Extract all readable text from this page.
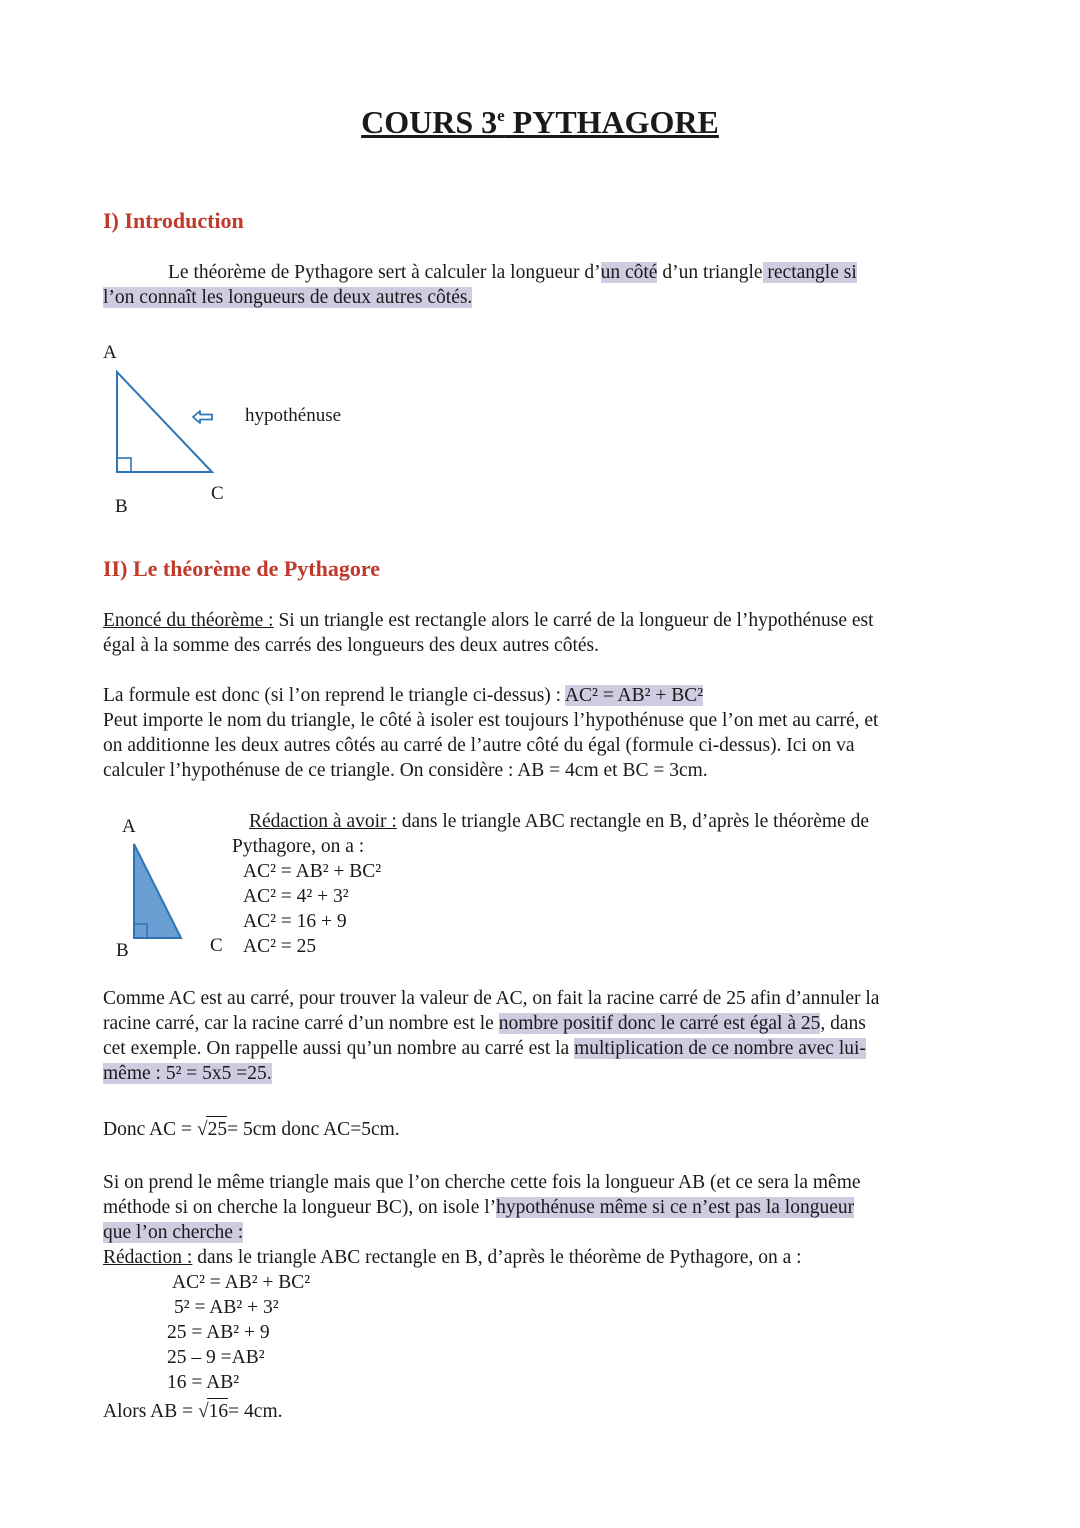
COURS 3e PYTHAGORE
I) Introduction
Le théorème de Pythagore sert à calculer la longueur d’un côté d’un triangle rectangle si
l’on connaît les longueurs de deux autres côtés.
A
hypothénuse
C
B
II) Le théorème de Pythagore
Enoncé du théorème : Si un triangle est rectangle alors le carré de la longueur de l’hypothénuse est
égal à la somme des carrés des longueurs des deux autres côtés.
La formule est donc (si l’on reprend le triangle ci-dessus) : AC² = AB² + BC²
Peut importe le nom du triangle, le côté à isoler est toujours l’hypothénuse que l’on met au carré, et
on additionne les deux autres côtés au carré de l’autre côté du égal (formule ci-dessus). Ici on va
calculer l’hypothénuse de ce triangle. On considère : AB = 4cm et BC = 3cm.
A
B	C
Rédaction à avoir : dans le triangle ABC rectangle en B, d’après le théorème de
Pythagore, on a :
AC² = AB² + BC²
AC² = 4² + 3²
AC² = 16 + 9
AC² = 25
Comme AC est au carré, pour trouver la valeur de AC, on fait la racine carré de 25 afin d’annuler la
racine carré, car la racine carré d’un nombre est le nombre positif donc le carré est égal à 25, dans
cet exemple. On rappelle aussi qu’un nombre au carré est la multiplication de ce nombre avec lui-
même : 5² = 5x5 =25.
Donc AC = √25
= 5cm donc AC=5cm.
Si on prend le même triangle mais que l’on cherche cette fois la longueur AB (et ce sera la même
méthode si on cherche la longueur BC), on isole l’hypothénuse même si ce n’est pas la longueur
que l’on cherche :
Rédaction : dans le triangle ABC rectangle en B, d’après le théorème de Pythagore, on a :
AC² = AB² + BC²
5² = AB² + 3²
25 = AB² + 9
25 – 9 =AB²
16 = AB²
Alors AB = √16
= 4cm.
